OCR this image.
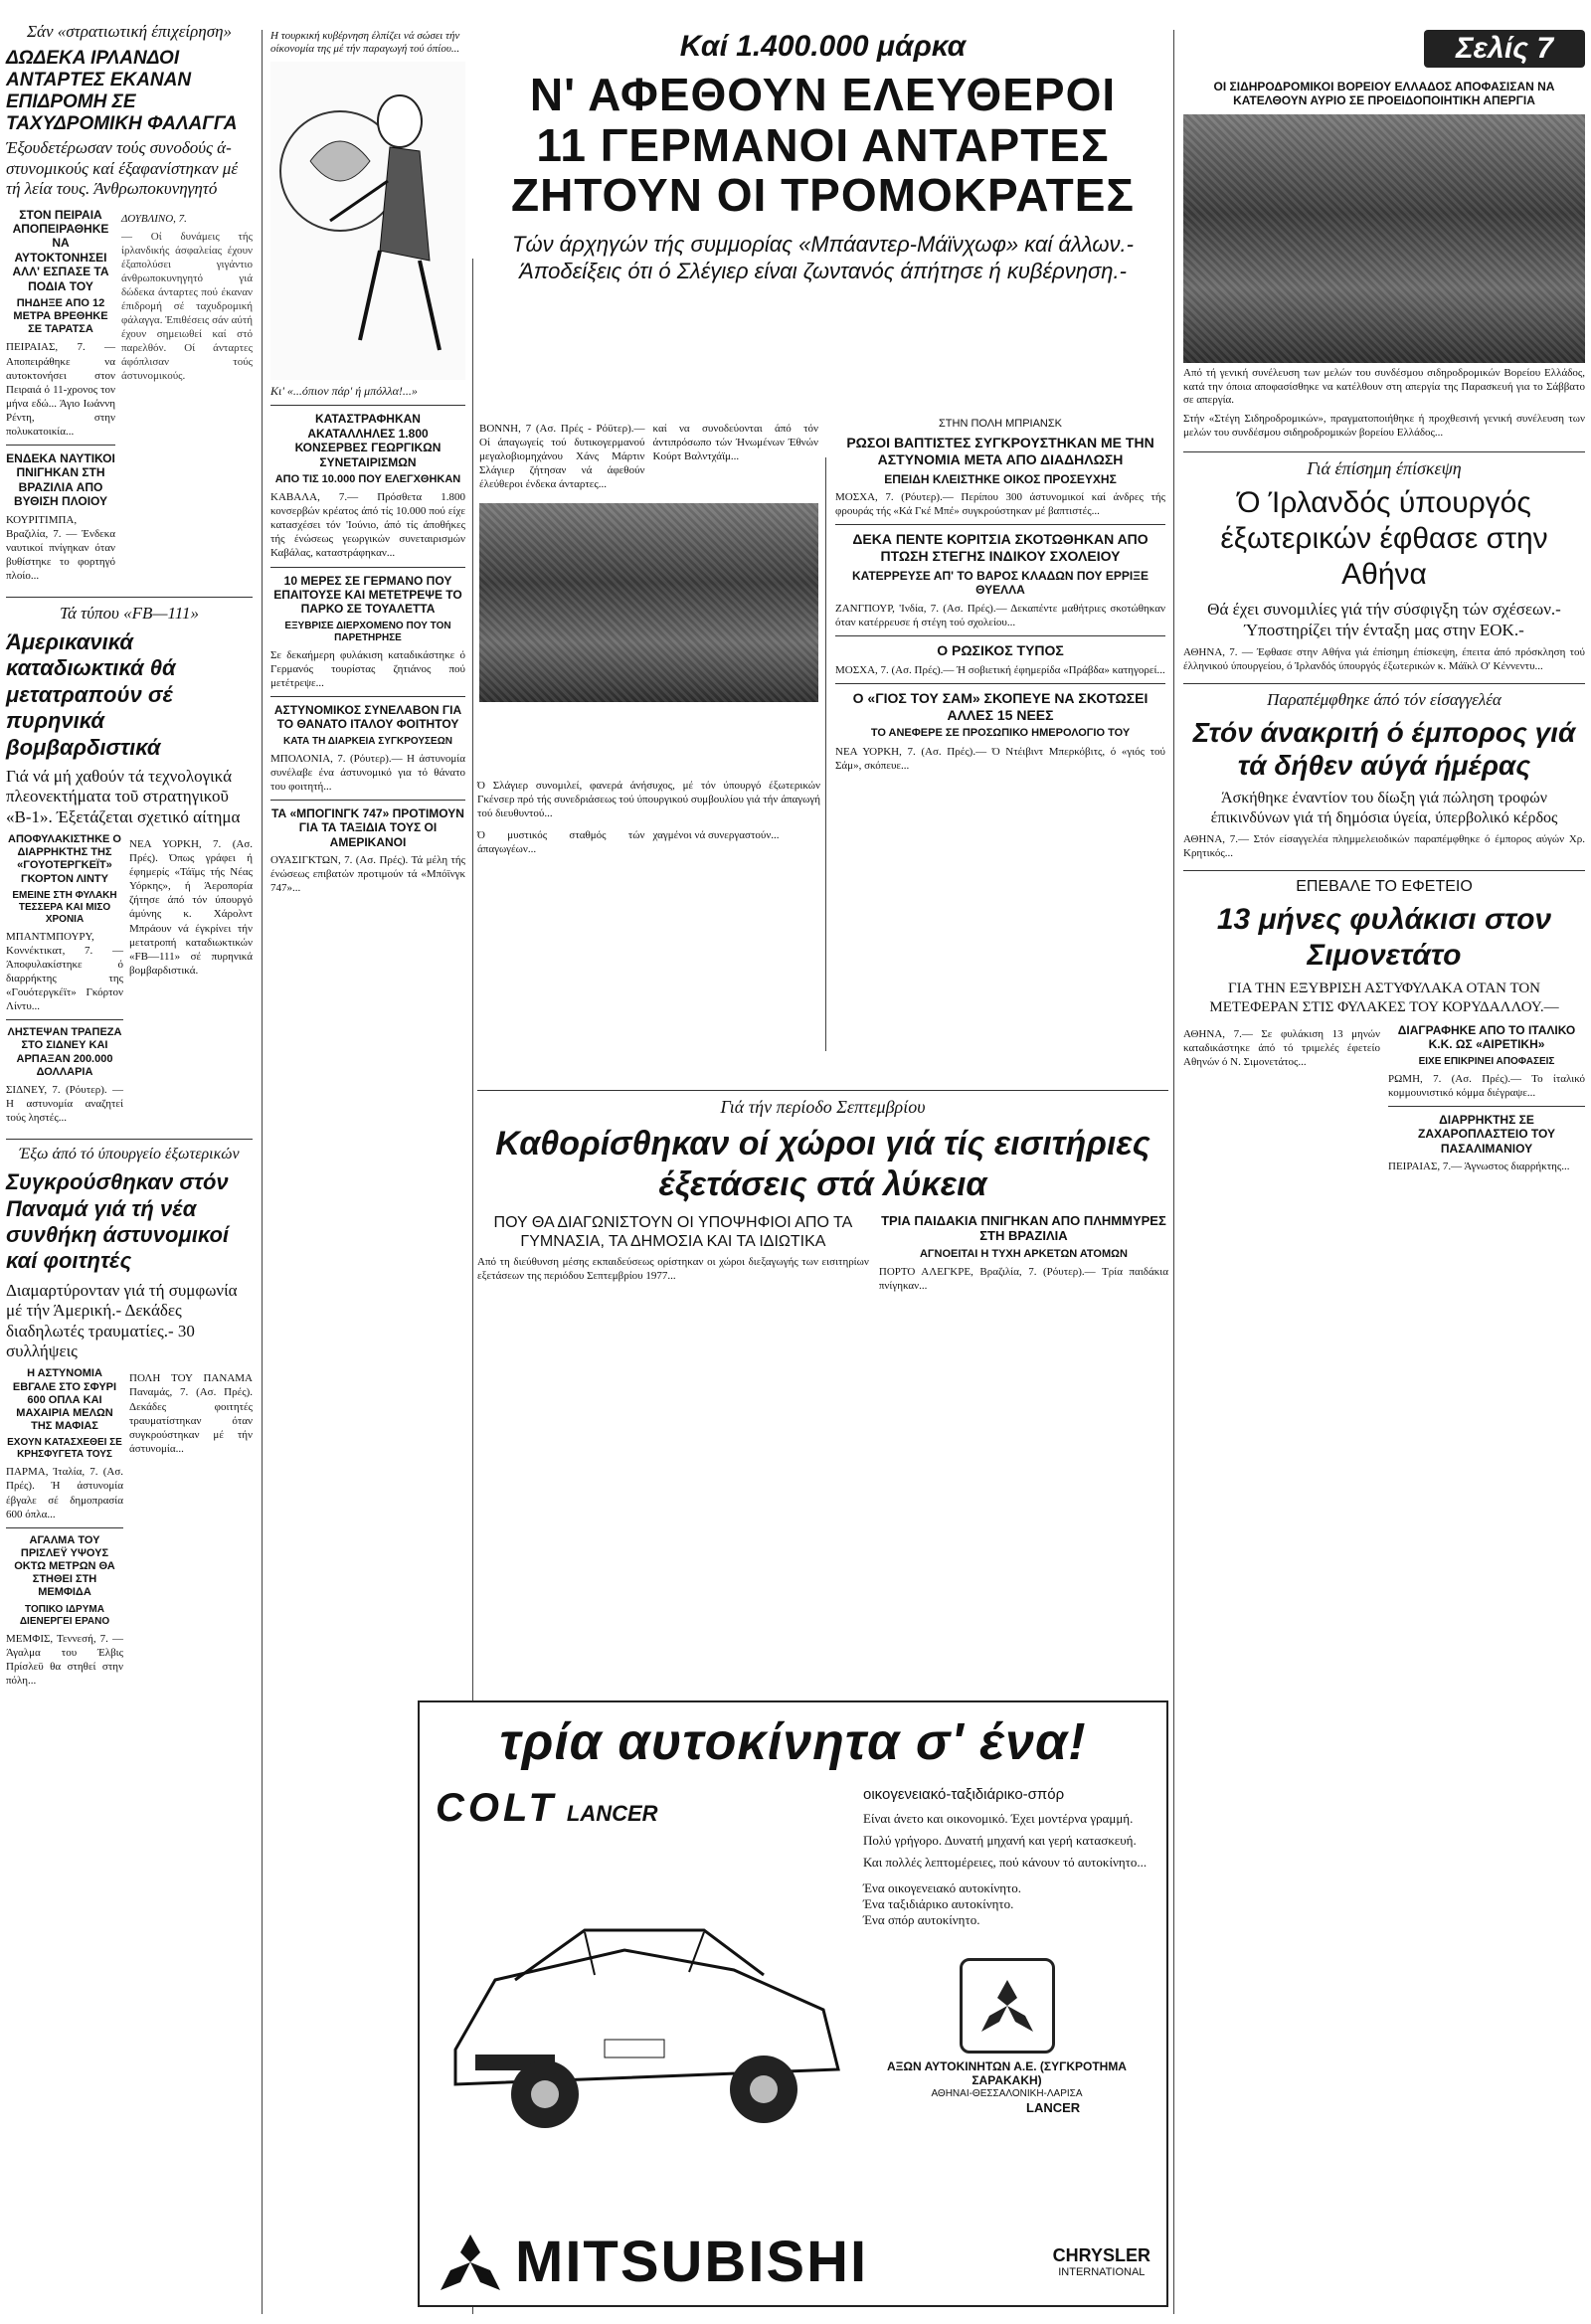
Σάν «στρατιωτική έπιχείρηση»
ΔΩΔΕΚΑ ΙΡΛΑΝΔΟΙ ΑΝΤΑΡΤΕΣ ΕΚΑΝΑΝ ΕΠΙΔΡΟΜΗ ΣΕ ΤΑΧΥΔΡΟΜΙΚΗ ΦΑΛΑΓΓΑ
Έξουδετέρωσαν τούς συνοδούς ά-στυνομικούς καί έξαφανίστηκαν μέ τή λεία τους. Άνθρωποκυνηγητό
ΣΤΟΝ ΠΕΙΡΑΙΑ ΑΠΟΠΕΙΡΑΘΗΚΕ ΝΑ ΑΥΤΟΚΤΟΝΗΣΕΙ ΑΛΛ' ΕΣΠΑΣΕ ΤΑ ΠΟΔΙΑ ΤΟΥ
ΠΗΔΗΞΕ ΑΠΟ 12 ΜΕΤΡΑ ΒΡΕΘΗΚΕ ΣΕ ΤΑΡΑΤΣΑ
ΠΕΙΡΑΙΑΣ, 7. — Αποπειράθηκε να αυτοκτονήσει στον Πειραιά ό 11-χρονος τον μήνα εδώ... Άγιο Ιωάννη Ρέντη, στην πολυκατοικία...
ΕΝΔΕΚΑ ΝΑΥΤΙΚΟΙ ΠΝΙΓΗΚΑΝ ΣΤΗ ΒΡΑΖΙΛΙΑ ΑΠΟ ΒΥΘΙΣΗ ΠΛΟΙΟΥ
ΚΟΥΡΙΤΙΜΠΑ, Βραζιλία, 7. — Ένδεκα ναυτικοί πνίγηκαν όταν βυθίστηκε το φορτηγό πλοίο...
ΔΟΥΒΛΙΝΟ, 7.
— Οί δυνάμεις τής ίρλανδικής άσφαλείας έχουν έξαπολύσει γιγάντιο άνθρωποκυνηγητό γιά δώδεκα άνταρτες πού έκαναν έπιδρομή σέ ταχυδρομική φάλαγγα. Έπιθέσεις σάν αύτή έχουν σημειωθεί καί στό παρελθόν. Οί άνταρτες άφόπλισαν τούς άστυνομικούς.
Τά τύπου «FB—111»
Άμερικανικά καταδιωκτικά θά μετατραπούν σέ πυρηνικά βομβαρδιστικά
Γιά νά μή χαθούν τά τεχνολογικά πλεονεκτήματα τοῦ στρατηγικοῦ «Β-1». Έξετάζεται σχετικό αίτημα
ΑΠΟΦΥΛΑΚΙΣΤΗΚΕ Ο ΔΙΑΡΡΗΚΤΗΣ ΤΗΣ «ΓΟΥΟΤΕΡΓΚΕΪΤ» ΓΚΟΡΤΟΝ ΛΙΝΤΥ
ΕΜΕΙΝΕ ΣΤΗ ΦΥΛΑΚΗ ΤΕΣΣΕΡΑ ΚΑΙ ΜΙΣΟ ΧΡΟΝΙΑ
ΜΠΑΝΤΜΠΟΥΡΥ, Κοννέκτικατ, 7. — Άποφυλακίστηκε ό διαρρήκτης της «Γουότεργκέϊτ» Γκόρτον Λίντυ...
ΛΗΣΤΕΨΑΝ ΤΡΑΠΕΖΑ ΣΤΟ ΣΙΔΝΕΥ ΚΑΙ ΑΡΠΑΞΑΝ 200.000 ΔΟΛΛΑΡΙΑ
ΣΙΔΝΕΥ, 7. (Ρόυτερ). — Η αστυνομία αναζητεί τούς ληστές...
ΝΕΑ ΥΟΡΚΗ, 7. (Ασ. Πρές). Όπως γράφει ή έφημερίς «Τάϊμς τής Νέας Υόρκης», ή Άεροπορία ζήτησε άπό τόν ύπουργό άμύνης κ. Χάρολντ Μπράουν νά έγκρίνει τήν μετατροπή καταδιωκτικών «FB—111» σέ πυρηνικά βομβαρδιστικά.
Έξω άπό τό ύπουργείο έξωτερικών
Συγκρούσθηκαν στόν Παναμά γιά τή νέα συνθήκη άστυνομικοί καί φοιτητές
Διαμαρτύρονταν γιά τή συμφωνία μέ τήν Άμερική.- Δεκάδες διαδηλωτές τραυματίες.- 30 συλλήψεις
Η ΑΣΤΥΝΟΜΙΑ ΕΒΓΑΛΕ ΣΤΟ ΣΦΥΡΙ 600 ΟΠΛΑ ΚΑΙ ΜΑΧΑΙΡΙΑ ΜΕΛΩΝ ΤΗΣ ΜΑΦΙΑΣ
ΕΧΟΥΝ ΚΑΤΑΣΧΕΘΕΙ ΣΕ ΚΡΗΣΦΥΓΕΤΑ ΤΟΥΣ
ΠΑΡΜΑ, Ίταλία, 7. (Ασ. Πρές). Ή άστυνομία έβγαλε σέ δημοπρασία 600 όπλα...
ΑΓΑΛΜΑ ΤΟΥ ΠΡΙΣΛΕΫ ΥΨΟΥΣ ΟΚΤΩ ΜΕΤΡΩΝ ΘΑ ΣΤΗΘΕΙ ΣΤΗ ΜΕΜΦΙΔΑ
ΤΟΠΙΚΟ ΙΔΡΥΜΑ ΔΙΕΝΕΡΓΕΙ ΕΡΑΝΟ
ΜΕΜΦΙΣ, Τεννεσή, 7. — Άγαλμα του Έλβις Πρίσλεϋ θα στηθεί στην πόλη...
ΠΟΛΗ ΤΟΥ ΠΑΝΑΜΑ Παναμάς, 7. (Ασ. Πρές). Δεκάδες φοιτητές τραυματίστηκαν όταν συγκρούστηκαν μέ τήν άστυνομία...
Η τουρκική κυβέρνηση έλπίζει νά σώσει τήν οίκονομία της μέ τήν παραγωγή τού όπίου...
Κι' «...όπιον πάρ' ή μπόλλα!...»
ΚΑΤΑΣΤΡΑΦΗΚΑΝ ΑΚΑΤΑΛΛΗΛΕΣ 1.800 ΚΟΝΣΕΡΒΕΣ ΓΕΩΡΓΙΚΩΝ ΣΥΝΕΤΑΙΡΙΣΜΩΝ
ΑΠΟ ΤΙΣ 10.000 ΠΟΥ ΕΛΕΓΧΘΗΚΑΝ
ΚΑΒΑΛΑ, 7.— Πρόσθετα 1.800 κονσερβών κρέατος άπό τίς 10.000 πού είχε κατασχέσει τόν 'Ιούνιο, άπό τίς άποθήκες τής ένώσεως γεωργικών συνεταιρισμών Καβάλας, καταστράφηκαν...
10 ΜΕΡΕΣ ΣΕ ΓΕΡΜΑΝΟ ΠΟΥ ΕΠΑΙΤΟΥΣΕ ΚΑΙ ΜΕΤΕΤΡΕΨΕ ΤΟ ΠΑΡΚΟ ΣΕ ΤΟΥΑΛΕΤΤΑ
ΕΞΥΒΡΙΣΕ ΔΙΕΡΧΟΜΕΝΟ ΠΟΥ ΤΟΝ ΠΑΡΕΤΗΡΗΣΕ
Σε δεκαήμερη φυλάκιση καταδικάστηκε ό Γερμανός τουρίστας ζητιάνος πού μετέτρεψε...
ΑΣΤΥΝΟΜΙΚΟΣ ΣΥΝΕΛΑΒΟΝ ΓΙΑ ΤΟ ΘΑΝΑΤΟ ΙΤΑΛΟΥ ΦΟΙΤΗΤΟΥ
ΚΑΤΑ ΤΗ ΔΙΑΡΚΕΙΑ ΣΥΓΚΡΟΥΣΕΩΝ
ΜΠΟΛΟΝΙΑ, 7. (Ρόυτερ).— Η άστυνομία συνέλαβε ένα άστυνομικό για τό θάνατο του φοιτητή...
ΤΑ «ΜΠΟΓΙΝΓΚ 747» ΠΡΟΤΙΜΟΥΝ ΓΙΑ ΤΑ ΤΑΞΙΔΙΑ ΤΟΥΣ ΟΙ ΑΜΕΡΙΚΑΝΟΙ
ΟΥΑΣΙΓΚΤΩΝ, 7. (Ασ. Πρές). Τά μέλη τής ένώσεως επιβατών προτιμούν τά «Μπόϊνγκ 747»...
Καί 1.400.000 μάρκα
Ν' ΑΦΕΘΟΥΝ ΕΛΕΥΘΕΡΟΙ
11 ΓΕΡΜΑΝΟΙ ΑΝΤΑΡΤΕΣ
ΖΗΤΟΥΝ ΟΙ ΤΡΟΜΟΚΡΑΤΕΣ
Τών άρχηγών τής συμμορίας «Μπάαντερ-Μάϊνχωφ» καί άλλων.- Άποδείξεις ότι ό Σλέγιερ είναι ζωντανός άπήτησε ή κυβέρνηση.-
ΒΟΝΝΗ, 7 (Ασ. Πρές - Ρόϋτερ).— Οί άπαγωγείς τού δυτικογερμανού μεγαλοβιομηχάνου Χάνς Μάρτιν Σλάγιερ ζήτησαν νά άφεθούν έλεύθεροι ένδεκα άνταρτες...
καί να συνοδεύονται άπό τόν άντιπρόσωπο τών Ήνωμένων Έθνών Κούρτ Βαλντχάϊμ...
Ό Σλάγιερ συνομιλεί, φανερά άνήσυχος, μέ τόν ύπουργό έξωτερικών Γκένσερ πρό τής συνεδριάσεως τού ύπουργικού συμβουλίου γιά τήν άπαγωγή τού διευθυντού...
Ό μυστικός σταθμός τών άπαγωγέων...
χαγμένοι νά συνεργαστούν...
ΣΤΗΝ ΠΟΛΗ ΜΠΡΙΑΝΣΚ
ΡΩΣΟΙ ΒΑΠΤΙΣΤΕΣ ΣΥΓΚΡΟΥΣΤΗΚΑΝ ΜΕ ΤΗΝ ΑΣΤΥΝΟΜΙΑ ΜΕΤΑ ΑΠΟ ΔΙΑΔΗΛΩΣΗ
ΕΠΕΙΔΗ ΚΛΕΙΣΤΗΚΕ ΟΙΚΟΣ ΠΡΟΣΕΥΧΗΣ
ΜΟΣΧΑ, 7. (Ρόυτερ).— Περίπου 300 άστυνομικοί καί άνδρες τής φρουράς τής «Κά Γκέ Μπέ» συγκρούστηκαν μέ βαπτιστές...
ΔΕΚΑ ΠΕΝΤΕ ΚΟΡΙΤΣΙΑ ΣΚΟΤΩΘΗΚΑΝ ΑΠΟ ΠΤΩΣΗ ΣΤΕΓΗΣ ΙΝΔΙΚΟΥ ΣΧΟΛΕΙΟΥ
ΚΑΤΕΡΡΕΥΣΕ ΑΠ' ΤΟ ΒΑΡΟΣ ΚΛΑΔΩΝ ΠΟΥ ΕΡΡΙΞΕ ΘΥΕΛΛΑ
ΖΑΝΓΠΟΥΡ, 'Ινδία, 7. (Ασ. Πρές).— Δεκαπέντε μαθήτριες σκοτώθηκαν όταν κατέρρευσε ή στέγη τού σχολείου...
Ο ΡΩΣΙΚΟΣ ΤΥΠΟΣ
ΜΟΣΧΑ, 7. (Ασ. Πρές).— Ή σοβιετική έφημερίδα «Πράβδα» κατηγορεί...
Ο «ΓΙΟΣ ΤΟΥ ΣΑΜ» ΣΚΟΠΕΥΕ ΝΑ ΣΚΟΤΩΣΕΙ ΑΛΛΕΣ 15 ΝΕΕΣ
ΤΟ ΑΝΕΦΕΡΕ ΣΕ ΠΡΟΣΩΠΙΚΟ ΗΜΕΡΟΛΟΓΙΟ ΤΟΥ
ΝΕΑ ΥΟΡΚΗ, 7. (Ασ. Πρές).— Ό Ντέιβιντ Μπερκόβιτς, ό «γιός τού Σάμ», σκόπευε...
Γιά τήν περίοδο Σεπτεμβρίου
Καθορίσθηκαν οί χώροι γιά τίς εισιτήριες έξετάσεις στά λύκεια
ΠΟΥ ΘΑ ΔΙΑΓΩΝΙΣΤΟΥΝ ΟΙ ΥΠΟΨΗΦΙΟΙ ΑΠΟ ΤΑ ΓΥΜΝΑΣΙΑ, ΤΑ ΔΗΜΟΣΙΑ ΚΑΙ ΤΑ ΙΔΙΩΤΙΚΑ
Από τη διεύθυνση μέσης εκπαιδεύσεως ορίστηκαν οι χώροι διεξαγωγής των εισιτηρίων εξετάσεων της περιόδου Σεπτεμβρίου 1977...
ΤΡΙΑ ΠΑΙΔΑΚΙΑ ΠΝΙΓΗΚΑΝ ΑΠΟ ΠΛΗΜΜΥΡΕΣ ΣΤΗ ΒΡΑΖΙΛΙΑ
ΑΓΝΟΕΙΤΑΙ Η ΤΥΧΗ ΑΡΚΕΤΩΝ ΑΤΟΜΩΝ
ΠΟΡΤΟ ΑΛΕΓΚΡΕ, Βραζιλία, 7. (Ρόυτερ).— Τρία παιδάκια πνίγηκαν...
τρία αυτοκίνητα σ' ένα!
COLT LANCER
LANCER
οικογενειακό-ταξιδιάρικο-σπόρ
Είναι άνετο και οικονομικό. Έχει μοντέρνα γραμμή.
Πολύ γρήγορο. Δυνατή μηχανή και γερή κατασκευή.
Και πολλές λεπτομέρειες, πού κάνουν τό αυτοκίνητο...
Ένα οικογενειακό αυτοκίνητο.
Ένα ταξιδιάρικο αυτοκίνητο.
Ένα σπόρ αυτοκίνητο.
ΑΞΩΝ ΑΥΤΟΚΙΝΗΤΩΝ Α.Ε. (ΣΥΓΚΡΟΤΗΜΑ ΣΑΡΑΚΑΚΗ)
ΑΘΗΝΑΙ-ΘΕΣΣΑΛΟΝΙΚΗ-ΛΑΡΙΣΑ
MITSUBISHI	CHRYSLER
INTERNATIONAL
Σελίς 7
ΟΙ ΣΙΔΗΡΟΔΡΟΜΙΚΟΙ ΒΟΡΕΙΟΥ ΕΛΛΑΔΟΣ ΑΠΟΦΑΣΙΣΑΝ ΝΑ ΚΑΤΕΛΘΟΥΝ ΑΥΡΙΟ ΣΕ ΠΡΟΕΙΔΟΠΟΙΗΤΙΚΗ ΑΠΕΡΓΙΑ
Από τή γενική συνέλευση των μελών του συνδέσμου σιδηροδρομικών Βορείου Ελλάδος, κατά την όποια αποφασίσθηκε να κατέλθουν στη απεργία της Παρασκευή για το Σάββατο σε απεργία.
Στήν «Στέγη Σιδηροδρομικών», πραγματοποιήθηκε ή προχθεσινή γενική συνέλευση των μελών του συνδέσμου σιδηροδρομικών βορείου Ελλάδος...
Γιά έπίσημη έπίσκεψη
Ό Ίρλανδός ύπουργός έξωτερικών έφθασε στην Αθήνα
Θά έχει συνομιλίες γιά τήν σύσφιγξη τών σχέσεων.- Ύποστηρίζει τήν ένταξη μας στην ΕΟΚ.-
ΑΘΗΝΑ, 7. — Έφθασε στην Αθήνα γιά έπίσημη έπίσκεψη, έπειτα άπό πρόσκληση τού έλληνικού ύπουργείου, ό Ίρλανδός ύπουργός έξωτερικών κ. Μάϊκλ Ο' Κέννεντυ...
Παραπέμφθηκε άπό τόν είσαγγελέα
Στόν άνακριτή ό έμπορος γιά τά δήθεν αύγά ήμέρας
Άσκήθηκε έναντίον του δίωξη γιά πώληση τροφών έπικινδύνων γιά τή δημόσια ύγεία, ύπερβολικό κέρδος
ΑΘΗΝΑ, 7.— Στόν είσαγγελέα πλημμελειοδικών παραπέμφθηκε ό έμπορος αύγών Χρ. Κρητικός...
ΕΠΕΒΑΛΕ ΤΟ ΕΦΕΤΕΙΟ
13 μήνες φυλάκισι στον Σιμονετάτο
ΓΙΑ ΤΗΝ ΕΞΥΒΡΙΣΗ ΑΣΤΥΦΥΛΑΚΑ ΟΤΑΝ ΤΟΝ ΜΕΤΕΦΕΡΑΝ ΣΤΙΣ ΦΥΛΑΚΕΣ ΤΟΥ ΚΟΡΥΔΑΛΛΟΥ.—
ΑΘΗΝΑ, 7.— Σε φυλάκιση 13 μηνών καταδικάστηκε άπό τό τριμελές έφετείο Αθηνών ό Ν. Σιμονετάτος...
ΔΙΑΓΡΑΦΗΚΕ ΑΠΟ ΤΟ ΙΤΑΛΙΚΟ Κ.Κ. ΩΣ «ΑΙΡΕΤΙΚΗ»
ΕΙΧΕ ΕΠΙΚΡΙΝΕΙ ΑΠΟΦΑΣΕΙΣ
ΡΩΜΗ, 7. (Ασ. Πρές).— Το ίταλικό κομμουνιστικό κόμμα διέγραψε...
ΔΙΑΡΡΗΚΤΗΣ ΣΕ ΖΑΧΑΡΟΠΛΑΣΤΕΙΟ ΤΟΥ ΠΑΣΑΛΙΜΑΝΙΟΥ
ΠΕΙΡΑΙΑΣ, 7.— Άγνωστος διαρρήκτης...
